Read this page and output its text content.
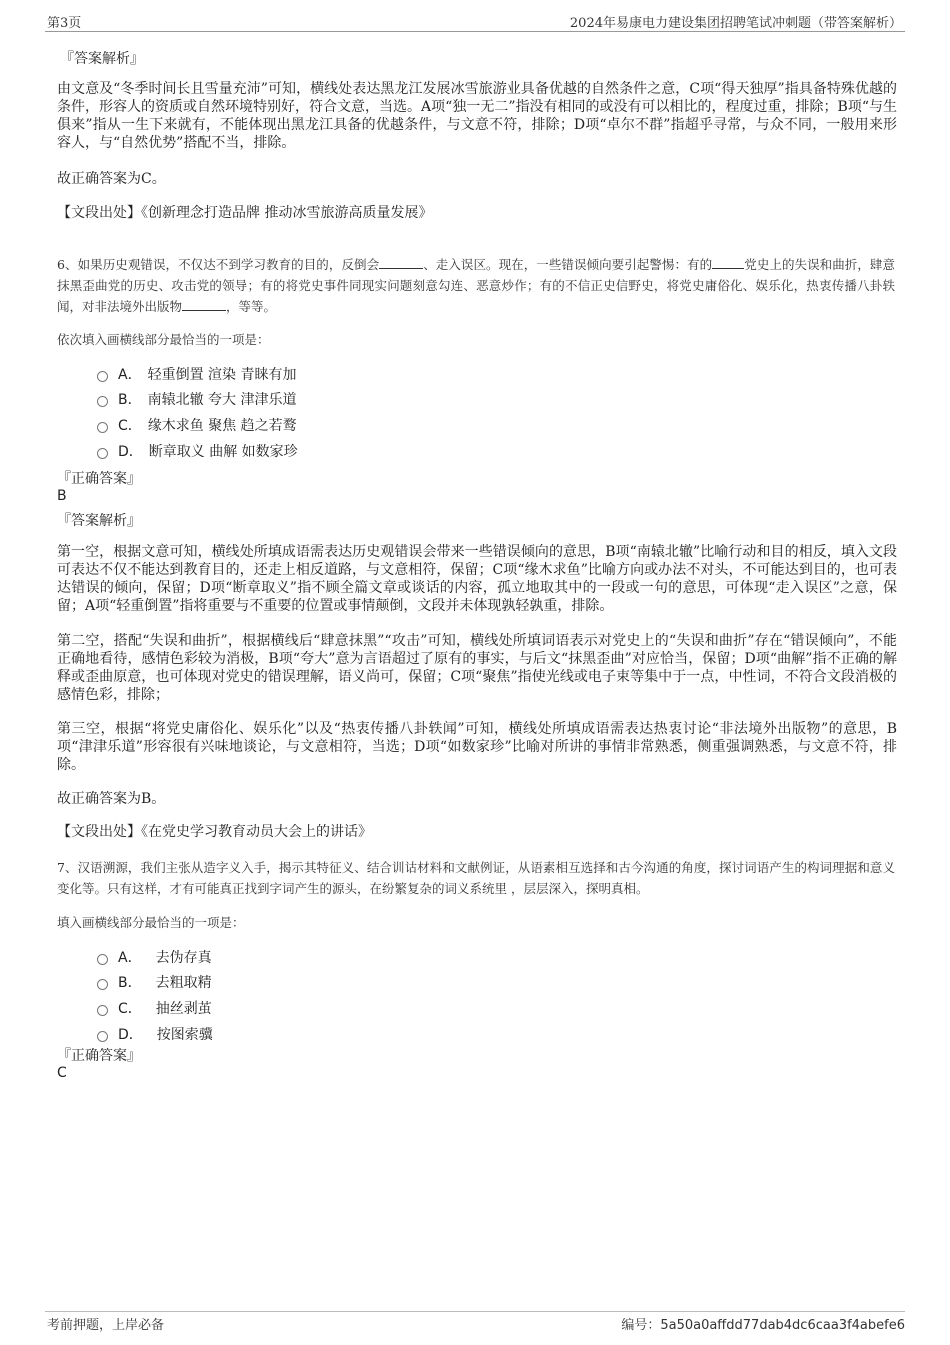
第3页	2024年易康电力建设集团招聘笔试冲刺题（带答案解析）
『答案解析』
由文意及“冬季时间长且雪量充沛”可知，横线处表达黑龙江发展冰雪旅游业具备优越的自然条件之意，C项“得天独厚”指具备特殊优越的条件，形容人的资质或自然环境特别好，符合文意，当选。A项“独一无二”指没有相同的或没有可以相比的，程度过重，排除；B项“与生俱来”指从一生下来就有，不能体现出黑龙江具备的优越条件，与文意不符，排除；D项“卓尔不群”指超乎寻常，与众不同，一般用来形容人，与“自然优势”搭配不当，排除。
故正确答案为C。
【文段出处】《创新理念打造品牌 推动冰雪旅游高质量发展》
6、如果历史观错误，不仅达不到学习教育的目的，反倒会	、走入误区。现在，一些错误倾向要引起警惕：有的	党史上的失误和曲折，肆意抹黑歪曲党的历史、攻击党的领导；有的将党史事件同现实问题刻意勾连、恶意炒作；有的不信正史信野史，将党史庸俗化、娱乐化，热衷传播八卦轶闻，对非法境外出版物	，等等。
依次填入画横线部分最恰当的一项是：
A． 轻重倒置 渲染 青睐有加
B． 南辕北辙 夸大 津津乐道
C． 缘木求鱼 聚焦 趋之若鹜
D． 断章取义 曲解 如数家珍
『正确答案』
B
『答案解析』
第一空，根据文意可知，横线处所填成语需表达历史观错误会带来一些错误倾向的意思，B项“南辕北辙”比喻行动和目的相反，填入文段可表达不仅不能达到教育目的，还走上相反道路，与文意相符，保留；C项“缘木求鱼”比喻方向或办法不对头，不可能达到目的，也可表达错误的倾向，保留；D项“断章取义”指不顾全篇文章或谈话的内容，孤立地取其中的一段或一句的意思，可体现“走入误区”之意，保留；A项“轻重倒置”指将重要与不重要的位置或事情颠倒，文段并未体现孰轻孰重，排除。
第二空，搭配“失误和曲折”，根据横线后“肆意抹黑”“攻击”可知，横线处所填词语表示对党史上的“失误和曲折”存在“错误倾向”，不能正确地看待，感情色彩较为消极，B项“夸大”意为言语超过了原有的事实，与后文“抹黑歪曲”对应恰当，保留；D项“曲解”指不正确的解释或歪曲原意，也可体现对党史的错误理解，语义尚可，保留；C项“聚焦”指使光线或电子束等集中于一点，中性词，不符合文段消极的感情色彩，排除；
第三空，根据“将党史庸俗化、娱乐化”以及“热衷传播八卦轶闻”可知，横线处所填成语需表达热衷讨论“非法境外出版物”的意思，B项“津津乐道”形容很有兴味地谈论，与文意相符，当选；D项“如数家珍”比喻对所讲的事情非常熟悉，侧重强调熟悉，与文意不符，排除。
故正确答案为B。
【文段出处】《在党史学习教育动员大会上的讲话》
7、汉语溯源，我们主张从造字义入手，揭示其特征义、结合训诂材料和文献例证，从语素相互选择和古今沟通的角度，探讨词语产生的构词理据和意义变化等。只有这样，才有可能真正找到字词产生的源头，在纷繁复杂的词义系统里 ，层层深入，探明真相。
填入画横线部分最恰当的一项是：
A． 去伪存真
B． 去粗取精
C． 抽丝剥茧
D． 按图索骥
『正确答案』
C
考前押题，上岸必备	编号：5a50a0affdd77dab4dc6caa3f4abefe6
